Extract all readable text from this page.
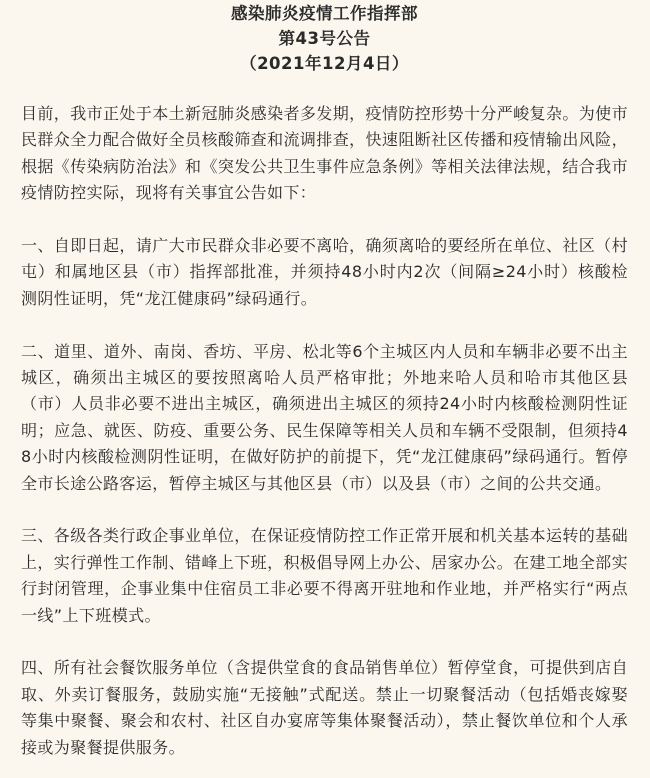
感染肺炎疫情工作指挥部
第43号公告
（2021年12月4日）

目前，我市正处于本土新冠肺炎感染者多发期，疫情防控形势十分严峻复杂。为使市民群众全力配合做好全员核酸筛查和流调排查，快速阻断社区传播和疫情输出风险，根据《传染病防治法》和《突发公共卫生事件应急条例》等相关法律法规，结合我市疫情防控实际，现将有关事宜公告如下：

一、自即日起，请广大市民群众非必要不离哈，确须离哈的要经所在单位、社区（村屯）和属地区县（市）指挥部批准，并须持48小时内2次（间隔≥24小时）核酸检测阴性证明，凭“龙江健康码”绿码通行。

二、道里、道外、南岗、香坊、平房、松北等6个主城区内人员和车辆非必要不出主城区，确须出主城区的要按照离哈人员严格审批；外地来哈人员和哈市其他区县（市）人员非必要不进出主城区，确须进出主城区的须持24小时内核酸检测阴性证明；应急、就医、防疫、重要公务、民生保障等相关人员和车辆不受限制，但须持48小时内核酸检测阴性证明，在做好防护的前提下，凭“龙江健康码”绿码通行。暂停全市长途公路客运，暂停主城区与其他区县（市）以及县（市）之间的公共交通。

三、各级各类行政企事业单位，在保证疫情防控工作正常开展和机关基本运转的基础上，实行弹性工作制、错峰上下班，积极倡导网上办公、居家办公。在建工地全部实行封闭管理，企事业集中住宿员工非必要不得离开驻地和作业地，并严格实行“两点一线”上下班模式。

四、所有社会餐饮服务单位（含提供堂食的食品销售单位）暂停堂食，可提供到店自取、外卖订餐服务，鼓励实施“无接触”式配送。禁止一切聚餐活动（包括婚丧嫁娶等集中聚餐、聚会和农村、社区自办宴席等集体聚餐活动），禁止餐饮单位和个人承接或为聚餐提供服务。
